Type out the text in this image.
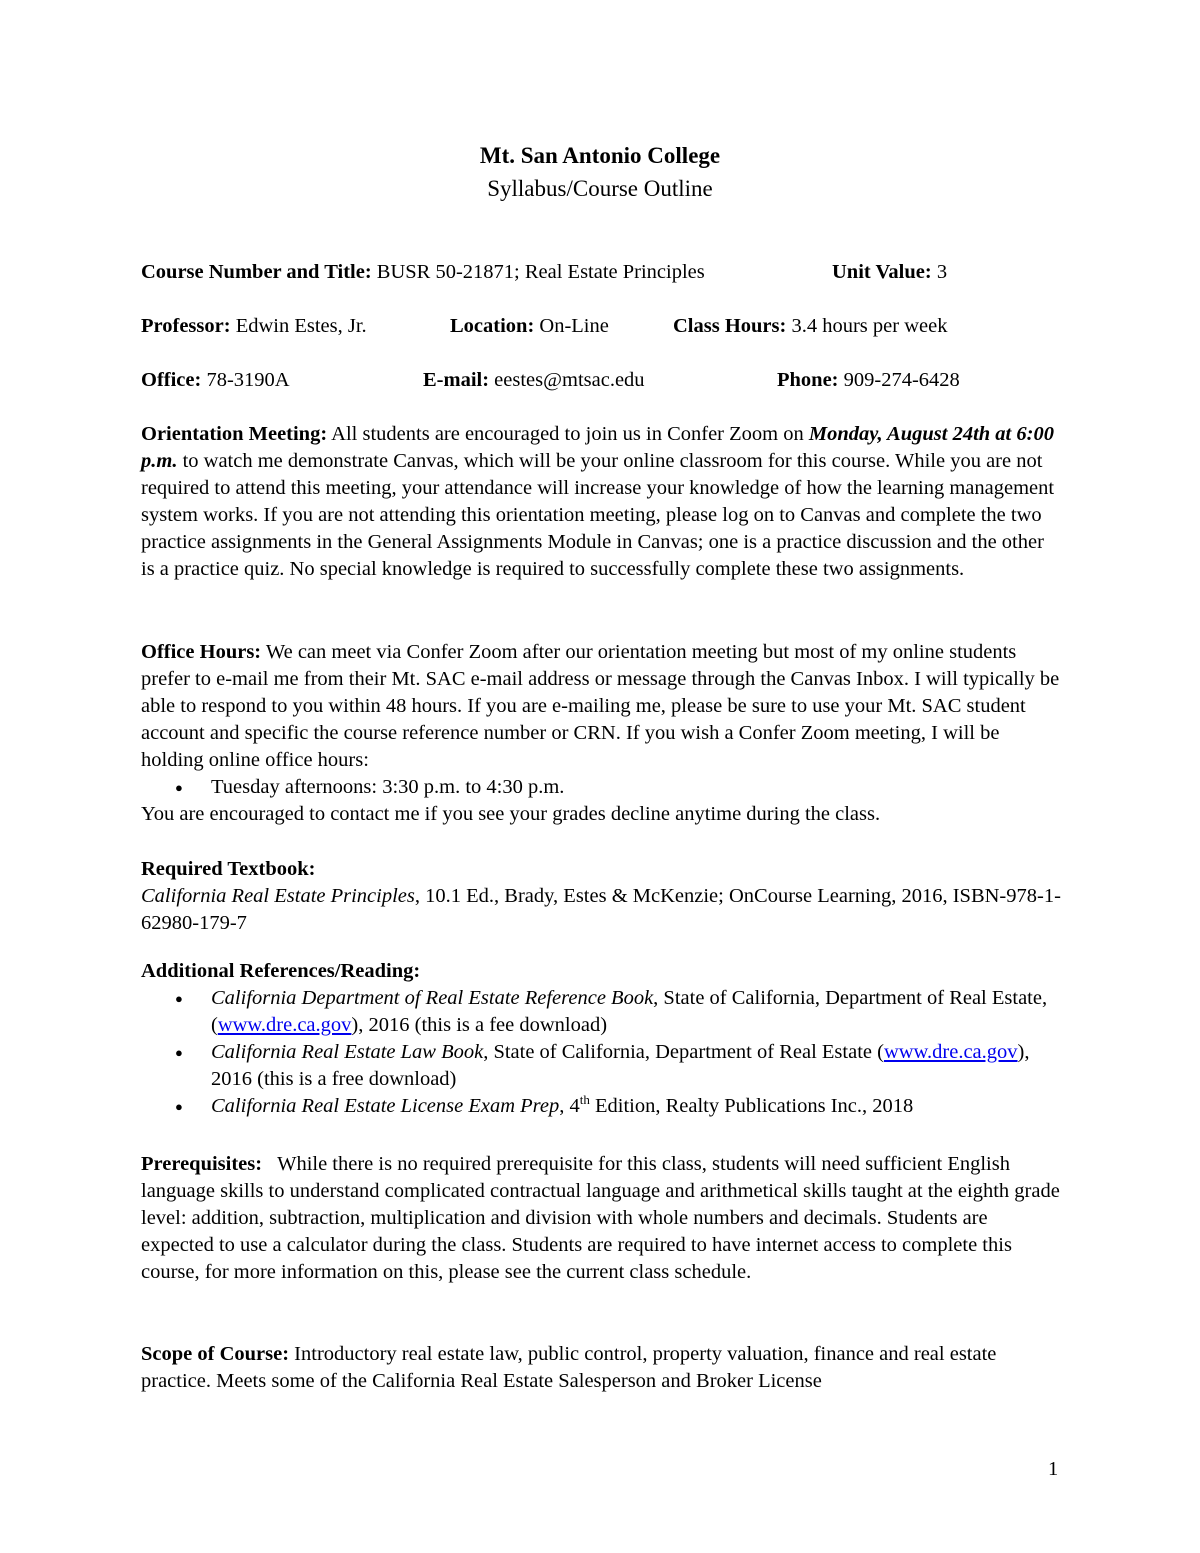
Mt. San Antonio College
Syllabus/Course Outline
Course Number and Title: BUSR 50-21871; Real Estate Principles	Unit Value: 3
Professor: Edwin Estes, Jr.	Location: On-Line	Class Hours: 3.4 hours per week
Office: 78-3190A	E-mail: eestes@mtsac.edu	Phone: 909-274-6428
Orientation Meeting: All students are encouraged to join us in Confer Zoom on Monday, August 24th at 6:00 p.m. to watch me demonstrate Canvas, which will be your online classroom for this course. While you are not required to attend this meeting, your attendance will increase your knowledge of how the learning management system works. If you are not attending this orientation meeting, please log on to Canvas and complete the two practice assignments in the General Assignments Module in Canvas; one is a practice discussion and the other is a practice quiz. No special knowledge is required to successfully complete these two assignments.
Office Hours: We can meet via Confer Zoom after our orientation meeting but most of my online students prefer to e-mail me from their Mt. SAC e-mail address or message through the Canvas Inbox. I will typically be able to respond to you within 48 hours. If you are e-mailing me, please be sure to use your Mt. SAC student account and specific the course reference number or CRN. If you wish a Confer Zoom meeting, I will be holding online office hours:
● Tuesday afternoons: 3:30 p.m. to 4:30 p.m.
You are encouraged to contact me if you see your grades decline anytime during the class.
Required Textbook:
California Real Estate Principles, 10.1 Ed., Brady, Estes & McKenzie; OnCourse Learning, 2016, ISBN-978-1-62980-179-7
Additional References/Reading:
● California Department of Real Estate Reference Book, State of California, Department of Real Estate, (www.dre.ca.gov), 2016 (this is a fee download)
● California Real Estate Law Book, State of California, Department of Real Estate (www.dre.ca.gov), 2016 (this is a free download)
● California Real Estate License Exam Prep, 4th Edition, Realty Publications Inc., 2018
Prerequisites: While there is no required prerequisite for this class, students will need sufficient English language skills to understand complicated contractual language and arithmetical skills taught at the eighth grade level: addition, subtraction, multiplication and division with whole numbers and decimals. Students are expected to use a calculator during the class. Students are required to have internet access to complete this course, for more information on this, please see the current class schedule.
Scope of Course: Introductory real estate law, public control, property valuation, finance and real estate practice. Meets some of the California Real Estate Salesperson and Broker License
1
